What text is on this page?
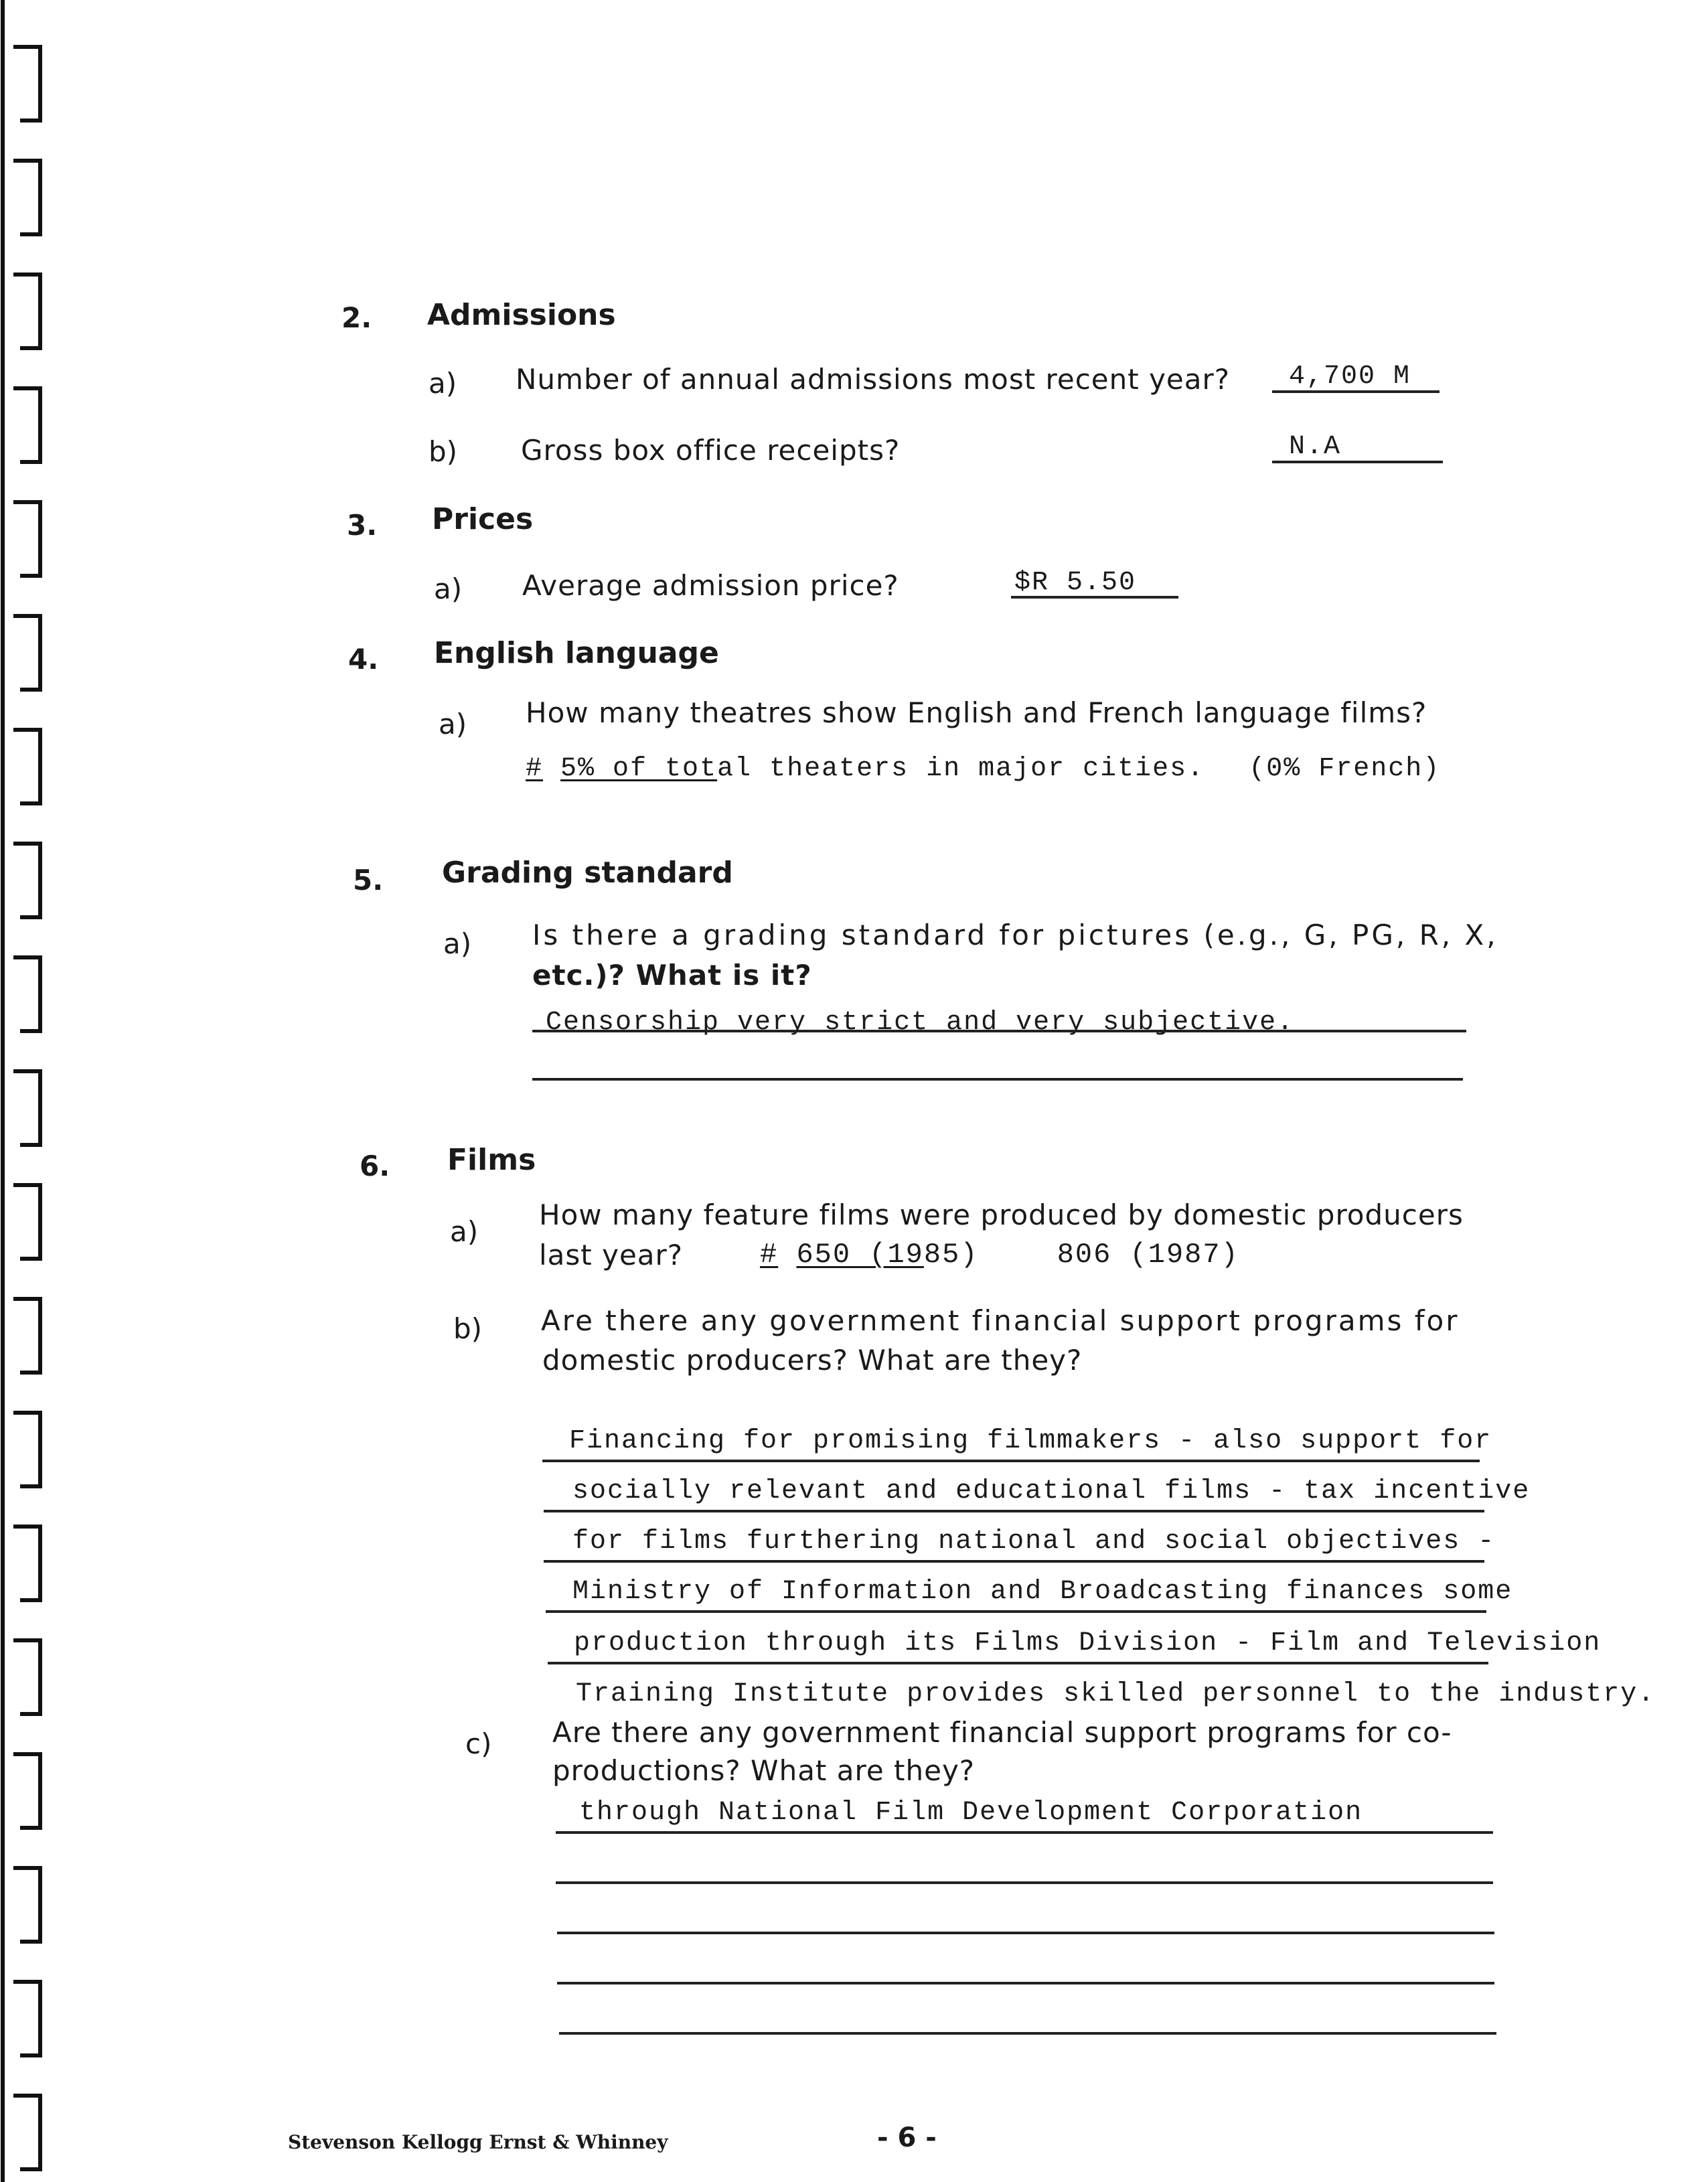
2. Admissions
a) Number of annual admissions most recent year? 4,700 M
b) Gross box office receipts?	N.A
3. Prices
a) Average admission price?	$R 5.50
4. English language
a) How many theatres show English and French language films?
# 5% of total theaters in major cities. (0% French)
5. Grading standard
a) Is there a grading standard for pictures (e.g., G, PG, R, X,
etc.)? What is it?
Censorship very strict and very subjective.
6. Films
a)
How many feature films were produced by domestic producers
last year?	# 650 (1985)	806 (1987)
b) Are there any government financial support programs for
domestic producers? What are they?
Financing for promising filmmakers - also support for
socially relevant and educational films - tax incentive
for films furthering national and social objectives -
Ministry of Information and Broadcasting finances some
production through its Films Division - Film and Television
Training Institute provides skilled personnel to the industry.
c) Are there any government financial support programs for co-
productions? What are they?
through National Film Development Corporation
Stevenson Kellogg Ernst & Whinney	- 6 -
